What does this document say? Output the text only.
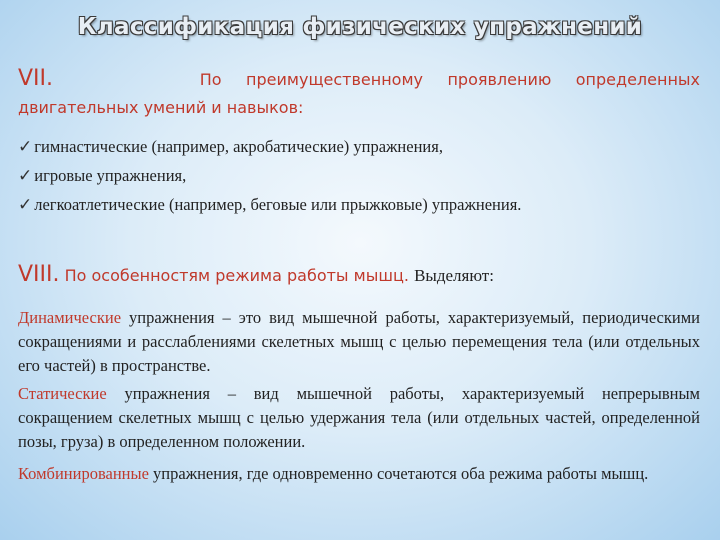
Классификация физических упражнений
VII.	По преимущественному проявлению определенных
двигательных умений и навыков:
✓ гимнастические (например, акробатические) упражнения,
✓ игровые упражнения,
✓ легкоатлетические (например, беговые или прыжковые) упражнения.
VIII. По особенностям режима работы мышц. Выделяют:

Динамические упражнения – это вид мышечной работы, характеризуемый, периодическими сокращениями и расслаблениями скелетных мышц с целью перемещения тела (или отдельных его частей) в пространстве.

Статические упражнения – вид мышечной работы, характеризуемый непрерывным сокращением скелетных мышц с целью удержания тела (или отдельных частей, определенной позы, груза) в определенном положении.

Комбинированные упражнения, где одновременно сочетаются оба режима работы мышц.
